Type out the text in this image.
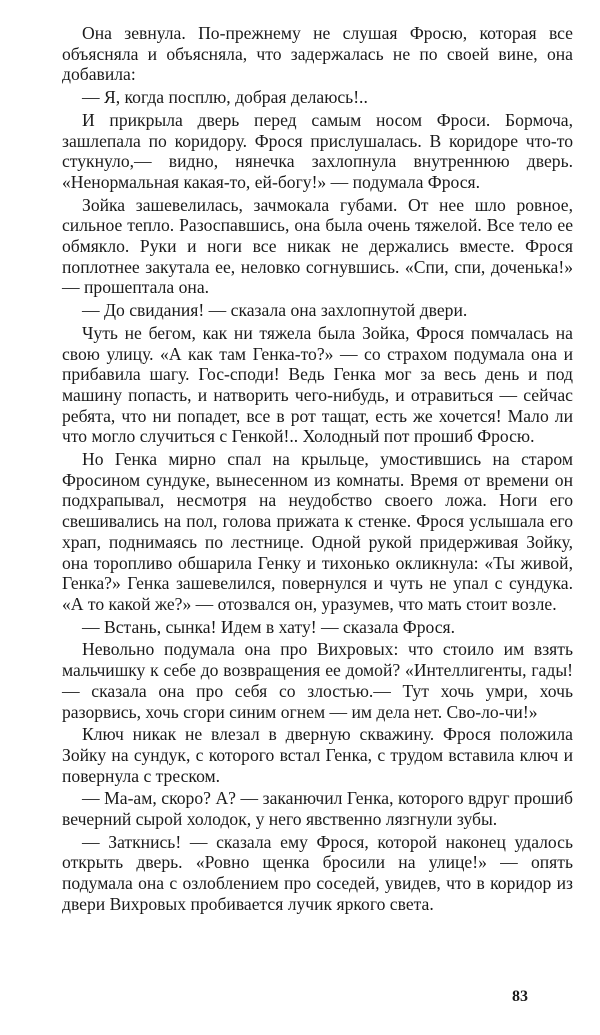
Она зевнула. По-прежнему не слушая Фросю, которая все объясняла и объясняла, что задержалась не по своей вине, она добавила:

— Я, когда посплю, добрая делаюсь!..

И прикрыла дверь перед самым носом Фроси. Бормоча, зашлепала по коридору. Фрося прислушалась. В коридоре что-то стукнуло,— видно, нянечка захлопнула внутреннюю дверь. «Ненормальная какая-то, ей-богу!» — подумала Фрося.

Зойка зашевелилась, зачмокала губами. От нее шло ровное, сильное тепло. Разоспавшись, она была очень тяжелой. Все тело ее обмякло. Руки и ноги все никак не держались вместе. Фрося поплотнее закутала ее, неловко согнувшись. «Спи, спи, доченька!» — прошептала она.

— До свидания! — сказала она захлопнутой двери.

Чуть не бегом, как ни тяжела была Зойка, Фрося помчалась на свою улицу. «А как там Генка-то?» — со страхом подумала она и прибавила шагу. Гос-споди! Ведь Генка мог за весь день и под машину попасть, и натворить чего-нибудь, и отравиться — сейчас ребята, что ни попадет, все в рот тащат, есть же хочется! Мало ли что могло случиться с Генкой!.. Холодный пот прошиб Фросю.

Но Генка мирно спал на крыльце, умостившись на старом Фросином сундуке, вынесенном из комнаты. Время от времени он подхрапывал, несмотря на неудобство своего ложа. Ноги его свешивались на пол, голова прижата к стенке. Фрося услышала его храп, поднимаясь по лестнице. Одной рукой придерживая Зойку, она торопливо обшарила Генку и тихонько окликнула: «Ты живой, Генка?» Генка зашевелился, повернулся и чуть не упал с сундука. «А то какой же?» — отозвался он, уразумев, что мать стоит возле.

— Встань, сынка! Идем в хату! — сказала Фрося.

Невольно подумала она про Вихровых: что стоило им взять мальчишку к себе до возвращения ее домой? «Интеллигенты, гады! — сказала она про себя со злостью.— Тут хочь умри, хочь разорвись, хочь сгори синим огнем — им дела нет. Сво-ло-чи!»

Ключ никак не влезал в дверную скважину. Фрося положила Зойку на сундук, с которого встал Генка, с трудом вставила ключ и повернула с треском.

— Ма-ам, скоро? А? — заканючил Генка, которого вдруг прошиб вечерний сырой холодок, у него явственно лязгнули зубы.

— Заткнись! — сказала ему Фрося, которой наконец удалось открыть дверь. «Ровно щенка бросили на улице!» — опять подумала она с озлоблением про соседей, увидев, что в коридор из двери Вихровых пробивается лучик яркого света.

83
